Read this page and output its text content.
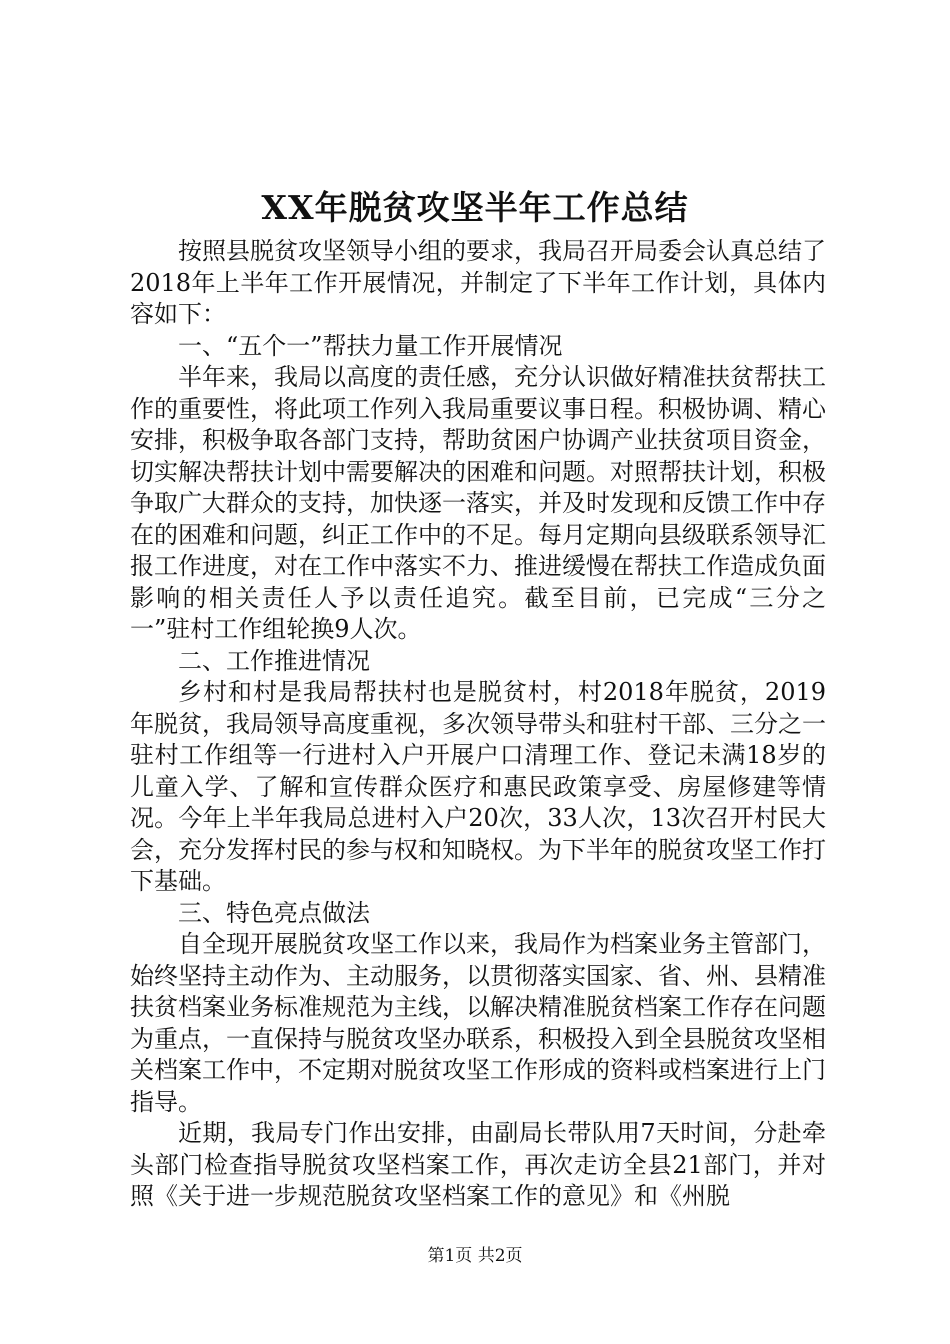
XX年脱贫攻坚半年工作总结

按照县脱贫攻坚领导小组的要求，我局召开局委会认真总结了2018年上半年工作开展情况，并制定了下半年工作计划，具体内容如下：

一、“五个一”帮扶力量工作开展情况

半年来，我局以高度的责任感，充分认识做好精准扶贫帮扶工作的重要性，将此项工作列入我局重要议事日程。积极协调、精心安排，积极争取各部门支持，帮助贫困户协调产业扶贫项目资金，切实解决帮扶计划中需要解决的困难和问题。对照帮扶计划，积极争取广大群众的支持，加快逐一落实，并及时发现和反馈工作中存在的困难和问题，纠正工作中的不足。每月定期向县级联系领导汇报工作进度，对在工作中落实不力、推进缓慢在帮扶工作造成负面影响的相关责任人予以责任追究。截至目前，已完成“三分之一”驻村工作组轮换9人次。

二、工作推进情况

乡村和村是我局帮扶村也是脱贫村，村2018年脱贫，2019年脱贫，我局领导高度重视，多次领导带头和驻村干部、三分之一驻村工作组等一行进村入户开展户口清理工作、登记未满18岁的儿童入学、了解和宣传群众医疗和惠民政策享受、房屋修建等情况。今年上半年我局总进村入户20次，33人次，13次召开村民大会，充分发挥村民的参与权和知晓权。为下半年的脱贫攻坚工作打下基础。

三、特色亮点做法

自全现开展脱贫攻坚工作以来，我局作为档案业务主管部门，始终坚持主动作为、主动服务，以贯彻落实国家、省、州、县精准扶贫档案业务标准规范为主线，以解决精准脱贫档案工作存在问题为重点，一直保持与脱贫攻坚办联系，积极投入到全县脱贫攻坚相关档案工作中，不定期对脱贫攻坚工作形成的资料或档案进行上门指导。

近期，我局专门作出安排，由副局长带队用7天时间，分赴牵头部门检查指导脱贫攻坚档案工作，再次走访全县21部门，并对照《关于进一步规范脱贫攻坚档案工作的意见》和《州脱

第1页 共2页
